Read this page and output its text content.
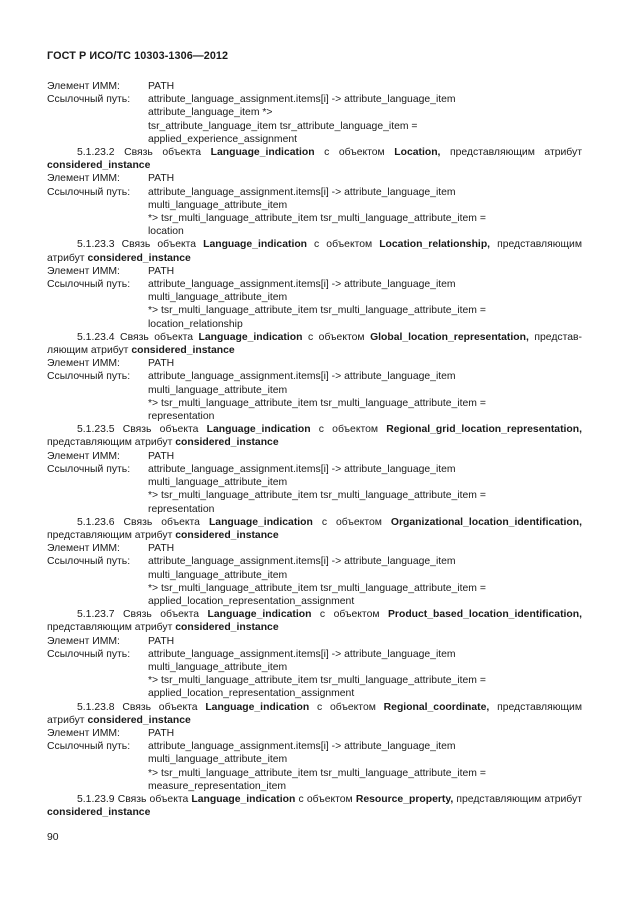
ГОСТ Р ИСО/ТС 10303-1306—2012
Элемент ИММ:	PATH
Ссылочный путь:	attribute_language_assignment.items[i] -> attribute_language_item
attribute_language_item *>
tsr_attribute_language_item tsr_attribute_language_item =
applied_experience_assignment
5.1.23.2 Связь объекта Language_indication с объектом Location, представляющим атрибут considered_instance
Элемент ИММ:	PATH
Ссылочный путь:	attribute_language_assignment.items[i] -> attribute_language_item
multi_language_attribute_item
*> tsr_multi_language_attribute_item tsr_multi_language_attribute_item =
location
5.1.23.3 Связь объекта Language_indication с объектом Location_relationship, представляющим атрибут considered_instance
Элемент ИММ:	PATH
Ссылочный путь:	attribute_language_assignment.items[i] -> attribute_language_item
multi_language_attribute_item
*> tsr_multi_language_attribute_item tsr_multi_language_attribute_item =
location_relationship
5.1.23.4 Связь объекта Language_indication с объектом Global_location_representation, представ-ляющим атрибут considered_instance
Элемент ИММ:	PATH
Ссылочный путь:	attribute_language_assignment.items[i] -> attribute_language_item
multi_language_attribute_item
*> tsr_multi_language_attribute_item tsr_multi_language_attribute_item =
representation
5.1.23.5 Связь объекта Language_indication с объектом Regional_grid_location_representation, представляющим атрибут considered_instance
Элемент ИММ:	PATH
Ссылочный путь:	attribute_language_assignment.items[i] -> attribute_language_item
multi_language_attribute_item
*> tsr_multi_language_attribute_item tsr_multi_language_attribute_item =
representation
5.1.23.6 Связь объекта Language_indication с объектом Organizational_location_identification, представляющим атрибут considered_instance
Элемент ИММ:	PATH
Ссылочный путь:	attribute_language_assignment.items[i] -> attribute_language_item
multi_language_attribute_item
*> tsr_multi_language_attribute_item tsr_multi_language_attribute_item =
applied_location_representation_assignment
5.1.23.7 Связь объекта Language_indication с объектом Product_based_location_identification, представляющим атрибут considered_instance
Элемент ИММ:	PATH
Ссылочный путь:	attribute_language_assignment.items[i] -> attribute_language_item
multi_language_attribute_item
*> tsr_multi_language_attribute_item tsr_multi_language_attribute_item =
applied_location_representation_assignment
5.1.23.8 Связь объекта Language_indication с объектом Regional_coordinate, представляющим атрибут considered_instance
Элемент ИММ:	PATH
Ссылочный путь:	attribute_language_assignment.items[i] -> attribute_language_item
multi_language_attribute_item
*> tsr_multi_language_attribute_item tsr_multi_language_attribute_item =
measure_representation_item
5.1.23.9 Связь объекта Language_indication с объектом Resource_property, представляющим атрибут considered_instance
90
